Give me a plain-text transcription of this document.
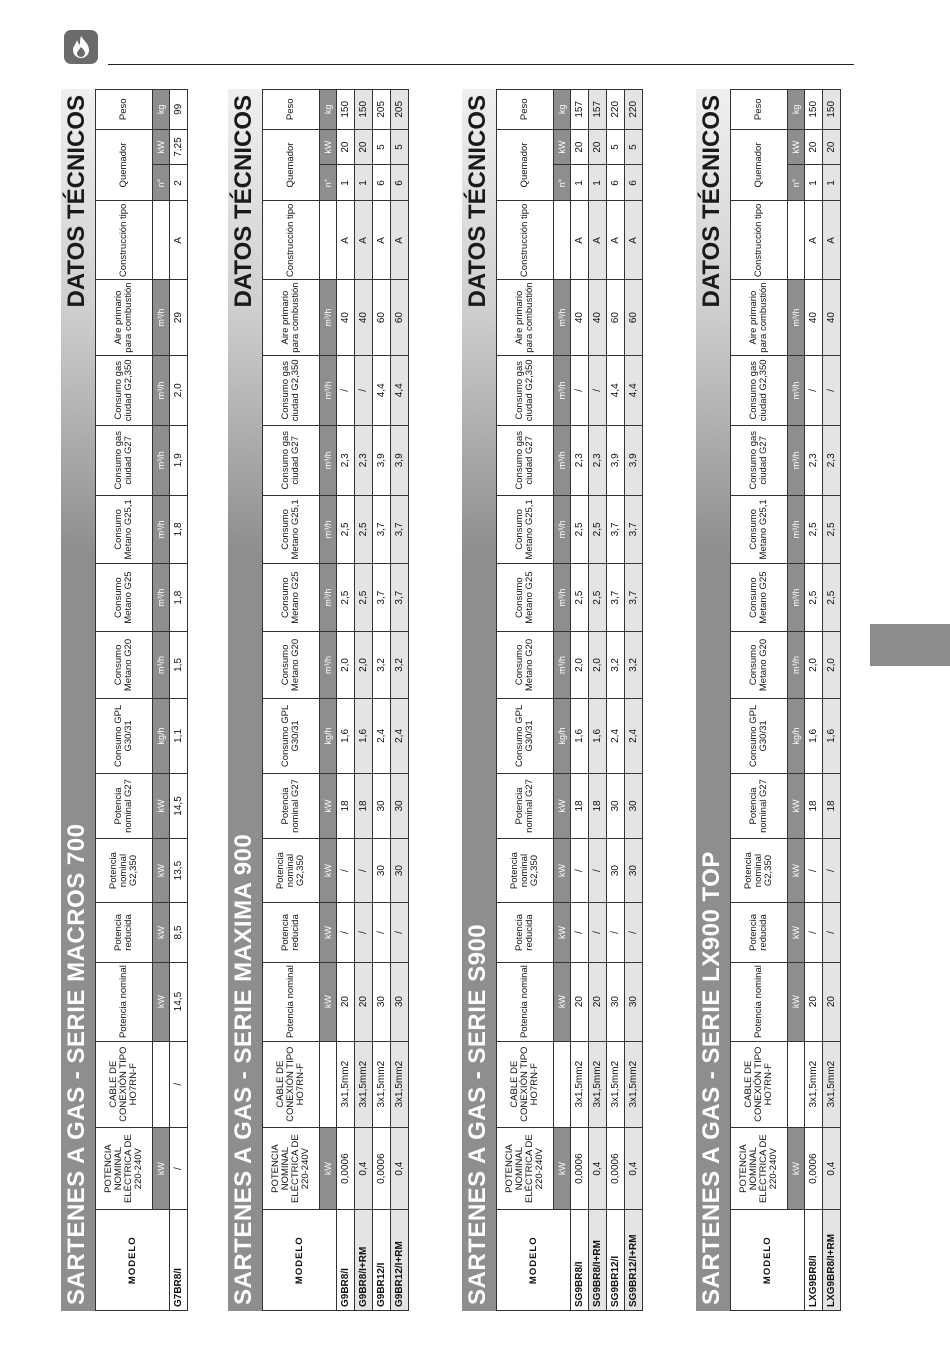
SARTENES A GAS - SERIE MACROS 700
DATOS TÉCNICOS
MODELO	POTENCIA NOMINAL ELÉCTRICA DE 220-240V	CABLE DE CONEXIÓN TIPO HO7RN-F	Potencia nominal	Potencia reducida	Potencia nominal G2,350	Potencia nominal G27	Consumo GPL G30/31	Consumo Metano G20	Consumo Metano G25	Consumo Metano G25,1	Consumo gas ciudad G27	Consumo gas ciudad G2,350	Aire primario para combustión	Construcción tipo	Quemador		Peso
	kW		kW	kW	kW	kW	kg/h	m³/h	m³/h	m³/h	m³/h	m³/h	m³/h		n°	kW	kg
G7BR8/I	/	/	14,5	8,5	13,5	14,5	1,1	1,5	1,8	1,8	1,9	2,0	29	A	2	7,25	99
SARTENES A GAS - SERIE MAXIMA 900
DATOS TÉCNICOS
MODELO	POTENCIA NOMINAL ELÉCTRICA DE 220-240V	CABLE DE CONEXIÓN TIPO HO7RN-F	Potencia nominal	Potencia reducida	Potencia nominal G2,350	Potencia nominal G27	Consumo GPL G30/31	Consumo Metano G20	Consumo Metano G25	Consumo Metano G25,1	Consumo gas ciudad G27	Consumo gas ciudad G2,350	Aire primario para combustión	Construcción tipo	Quemador		Peso
	kW		kW	kW	kW	kW	kg/h	m³/h	m³/h	m³/h	m³/h	m³/h	m³/h		n°	kW	kg
G9BR8/I	0,0006	3x1,5mm2	20	/	/	18	1,6	2,0	2,5	2,5	2,3	/	40	A	1	20	150
G9BR8/I+RM	0,4	3x1,5mm2	20	/	/	18	1,6	2,0	2,5	2,5	2,3	/	40	A	1	20	150
G9BR12/I	0,0006	3x1,5mm2	30	/	30	30	2,4	3,2	3,7	3,7	3,9	4,4	60	A	6	5	205
G9BR12/I+RM	0,4	3x1,5mm2	30	/	30	30	2,4	3,2	3,7	3,7	3,9	4,4	60	A	6	5	205
SARTENES A GAS - SERIE S900
DATOS TÉCNICOS
MODELO	POTENCIA NOMINAL ELÉCTRICA DE 220-240V	CABLE DE CONEXIÓN TIPO HO7RN-F	Potencia nominal	Potencia reducida	Potencia nominal G2,350	Potencia nominal G27	Consumo GPL G30/31	Consumo Metano G20	Consumo Metano G25	Consumo Metano G25,1	Consumo gas ciudad G27	Consumo gas ciudad G2,350	Aire primario para combustión	Construcción tipo	Quemador		Peso
	kW		kW	kW	kW	kW	kg/h	m³/h	m³/h	m³/h	m³/h	m³/h	m³/h		n°	kW	kg
SG9BR8/I	0,0006	3x1,5mm2	20	/	/	18	1,6	2,0	2,5	2,5	2,3	/	40	A	1	20	157
SG9BR8/I+RM	0,4	3x1,5mm2	20	/	/	18	1,6	2,0	2,5	2,5	2,3	/	40	A	1	20	157
SG9BR12/I	0,0006	3x1,5mm2	30	/	30	30	2,4	3,2	3,7	3,7	3,9	4,4	60	A	6	5	220
SG9BR12/I+RM	0,4	3x1,5mm2	30	/	30	30	2,4	3,2	3,7	3,7	3,9	4,4	60	A	6	5	220
SARTENES A GAS - SERIE LX900 TOP
DATOS TÉCNICOS
MODELO	POTENCIA NOMINAL ELÉCTRICA DE 220-240V	CABLE DE CONEXIÓN TIPO HO7RN-F	Potencia nominal	Potencia reducida	Potencia nominal G2,350	Potencia nominal G27	Consumo GPL G30/31	Consumo Metano G20	Consumo Metano G25	Consumo Metano G25,1	Consumo gas ciudad G27	Consumo gas ciudad G2,350	Aire primario para combustión	Construcción tipo	Quemador		Peso
	kW		kW	kW	kW	kW	kg/h	m³/h	m³/h	m³/h	m³/h	m³/h	m³/h		n°	kW	kg
LXG9BR8/I	0,0006	3x1,5mm2	20	/	/	18	1,6	2,0	2,5	2,5	2,3	/	40	A	1	20	150
LXG9BR8/I+RM	0,4	3x1,5mm2	20	/	/	18	1,6	2,0	2,5	2,5	2,3	/	40	A	1	20	150
